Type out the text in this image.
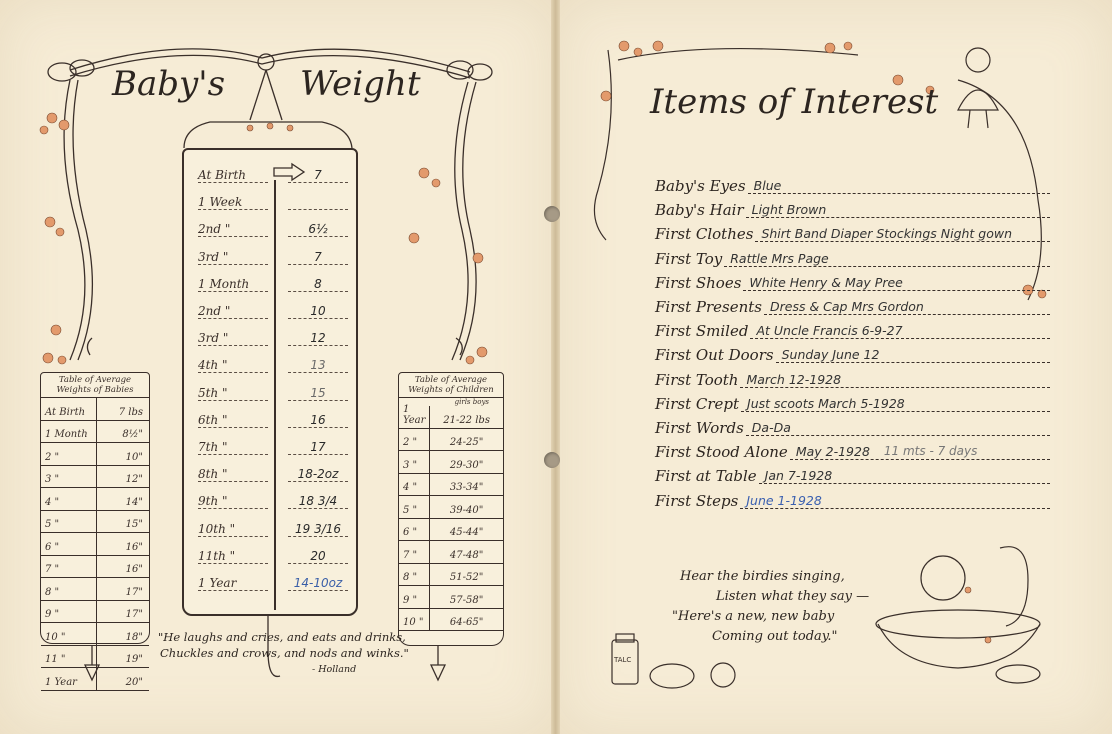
Baby's Weight
At Birth	7
1 Week
2nd "	6½
3rd "	7
1 Month	8
2nd "	10
3rd "	12
4th "	13
5th "	15
6th "	16
7th "	17
8th "	18-2oz
9th "	18 3/4
10th "	19 3/16
11th "	20
1 Year	14-10oz
Table of Average Weights of Babies
At Birth	7 lbs
1 Month	8½"
2 "	10"
3 "	12"
4 "	14"
5 "	15"
6 "	16"
7 "	16"
8 "	17"
9 "	17"
10 "	18"
11 "	19"
1 Year	20"
Table of Average Weights of Children
girls boys
1 Year	21-22 lbs
2 "	24-25"
3 "	29-30"
4 "	33-34"
5 "	39-40"
6 "	45-44"
7 "	47-48"
8 "	51-52"
9 "	57-58"
10 "	64-65"
"He laughs and cries, and eats and drinks,
Chuckles and crows, and nods and winks."
- Holland
Items of Interest
Baby's Eyes Blue
Baby's Hair Light Brown
First Clothes Shirt Band Diaper Stockings Night gown
First Toy Rattle Mrs Page
First Shoes White Henry & May Pree
First Presents Dress & Cap Mrs Gordon
First Smiled At Uncle Francis 6-9-27
First Out Doors Sunday June 12
First Tooth March 12-1928
First Crept Just scoots March 5-1928
First Words Da-Da
First Stood Alone May 2-1928 11 mts - 7 days
First at Table Jan 7-1928
First Steps June 1-1928
Hear the birdies singing,
Listen what they say —
"Here's a new, new baby
Coming out today."
TALC
